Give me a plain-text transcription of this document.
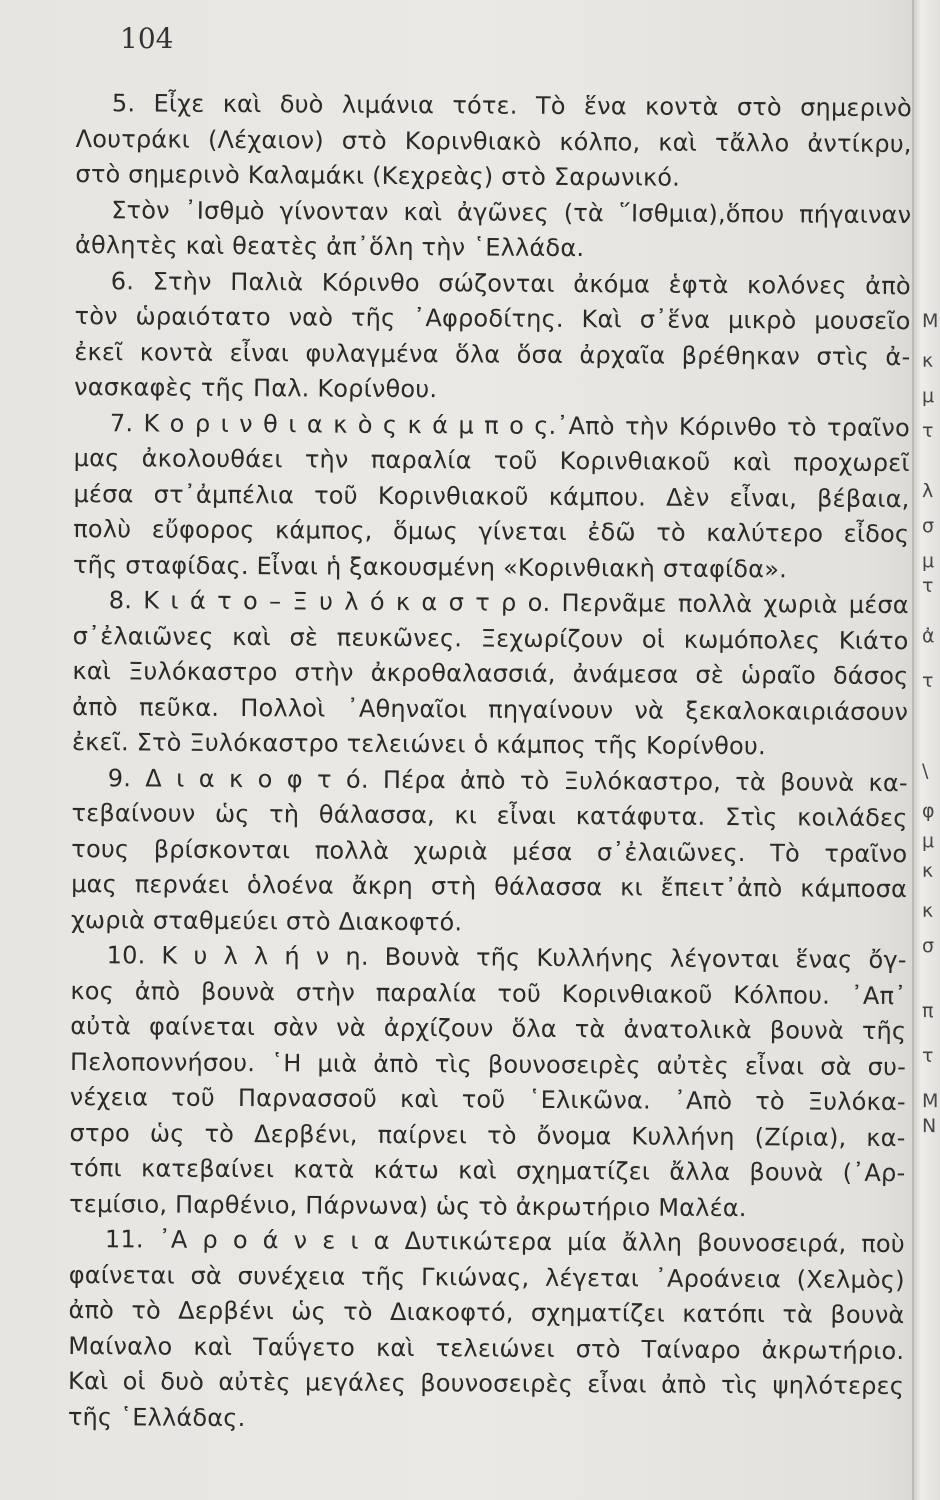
104
5. Εἶχε καὶ δυὸ λιμάνια τότε. Τὸ ἕνα κοντὰ στὸ σημερινὸ
Λουτράκι (Λέχαιον) στὸ Κορινθιακὸ κόλπο, καὶ τἄλλο ἀντίκρυ,
στὸ σημερινὸ Καλαμάκι (Κεχρεὰς) στὸ Σαρωνικό.
Στὸν ᾽Ισθμὸ γίνονταν καὶ ἀγῶνες (τὰ ῞Ισθμια),ὅπου πήγαιναν
ἀθλητὲς καὶ θεατὲς ἀπ᾽ὅλη τὴν ῾Ελλάδα.
6. Στὴν Παλιὰ Κόρινθο σώζονται ἀκόμα ἑφτὰ κολόνες ἀπὸ
τὸν ὡραιότατο ναὸ τῆς ᾽Αφροδίτης. Καὶ σ᾽ἕνα μικρὸ μουσεῖο
ἐκεῖ κοντὰ εἶναι φυλαγμένα ὅλα ὅσα ἀρχαῖα βρέθηκαν στὶς ἀ-
νασκαφὲς τῆς Παλ. Κορίνθου.
7. Κ ο ρ ι ν θ ι α κ ὸ ς κ ά μ π ο ς.᾽Απὸ τὴν Κόρινθο τὸ τραῖνο
μας ἀκολουθάει τὴν παραλία τοῦ Κορινθιακοῦ καὶ προχωρεῖ
μέσα στ᾽ἀμπέλια τοῦ Κορινθιακοῦ κάμπου. Δὲν εἶναι, βέβαια,
πολὺ εὔφορος κάμπος, ὅμως γίνεται ἐδῶ τὸ καλύτερο εἶδος
τῆς σταφίδας. Εἶναι ἡ ξακουσμένη «Κορινθιακὴ σταφίδα».
8. Κ ι ά τ ο – Ξ υ λ ό κ α σ τ ρ ο. Περνᾶμε πολλὰ χωριὰ μέσα
σ᾽ἐλαιῶνες καὶ σὲ πευκῶνες. Ξεχωρίζουν οἱ κωμόπολες Κιάτο
καὶ Ξυλόκαστρο στὴν ἀκροθαλασσιά, ἀνάμεσα σὲ ὡραῖο δάσος
ἀπὸ πεῦκα. Πολλοὶ ᾽Αθηναῖοι πηγαίνουν νὰ ξεκαλοκαιριάσουν
ἐκεῖ. Στὸ Ξυλόκαστρο τελειώνει ὁ κάμπος τῆς Κορίνθου.
9. Δ ι α κ ο φ τ ό. Πέρα ἀπὸ τὸ Ξυλόκαστρο, τὰ βουνὰ κα-
τεβαίνουν ὡς τὴ θάλασσα, κι εἶναι κατάφυτα. Στὶς κοιλάδες
τους βρίσκονται πολλὰ χωριὰ μέσα σ᾽ἐλαιῶνες. Τὸ τραῖνο
μας περνάει ὁλοένα ἄκρη στὴ θάλασσα κι ἔπειτ᾽ἀπὸ κάμποσα
χωριὰ σταθμεύει στὸ Διακοφτό.
10. Κ υ λ λ ή ν η. Βουνὰ τῆς Κυλλήνης λέγονται ἕνας ὄγ-
κος ἀπὸ βουνὰ στὴν παραλία τοῦ Κορινθιακοῦ Κόλπου. ᾽Απ᾽
αὐτὰ φαίνεται σὰν νὰ ἀρχίζουν ὅλα τὰ ἀνατολικὰ βουνὰ τῆς
Πελοποννήσου. ῾Η μιὰ ἀπὸ τὶς βουνοσειρὲς αὐτὲς εἶναι σὰ συ-
νέχεια τοῦ Παρνασσοῦ καὶ τοῦ ῾Ελικῶνα. ᾽Απὸ τὸ Ξυλόκα-
στρο ὡς τὸ Δερβένι, παίρνει τὸ ὄνομα Κυλλήνη (Ζίρια), κα-
τόπι κατεβαίνει κατὰ κάτω καὶ σχηματίζει ἄλλα βουνὰ (᾽Αρ-
τεμίσιο, Παρθένιο, Πάρνωνα) ὡς τὸ ἀκρωτήριο Μαλέα.
11. ᾽Α ρ ο ά ν ε ι α Δυτικώτερα μία ἄλλη βουνοσειρά, ποὺ
φαίνεται σὰ συνέχεια τῆς Γκιώνας, λέγεται ᾽Αροάνεια (Χελμὸς)
ἀπὸ τὸ Δερβένι ὡς τὸ Διακοφτό, σχηματίζει κατόπι τὰ βουνὰ
Μαίναλο καὶ Ταΰγετο καὶ τελειώνει στὸ Ταίναρο ἀκρωτήριο.
Καὶ οἱ δυὸ αὐτὲς μεγάλες βουνοσειρὲς εἶναι ἀπὸ τὶς ψηλότερες
τῆς ῾Ελλάδας.
Μ
κ
μ
τ
λ
σ
μ
τ
ἀ
τ
\
φ
μ
κ
κ
σ
π
τ
Μ
Ν
